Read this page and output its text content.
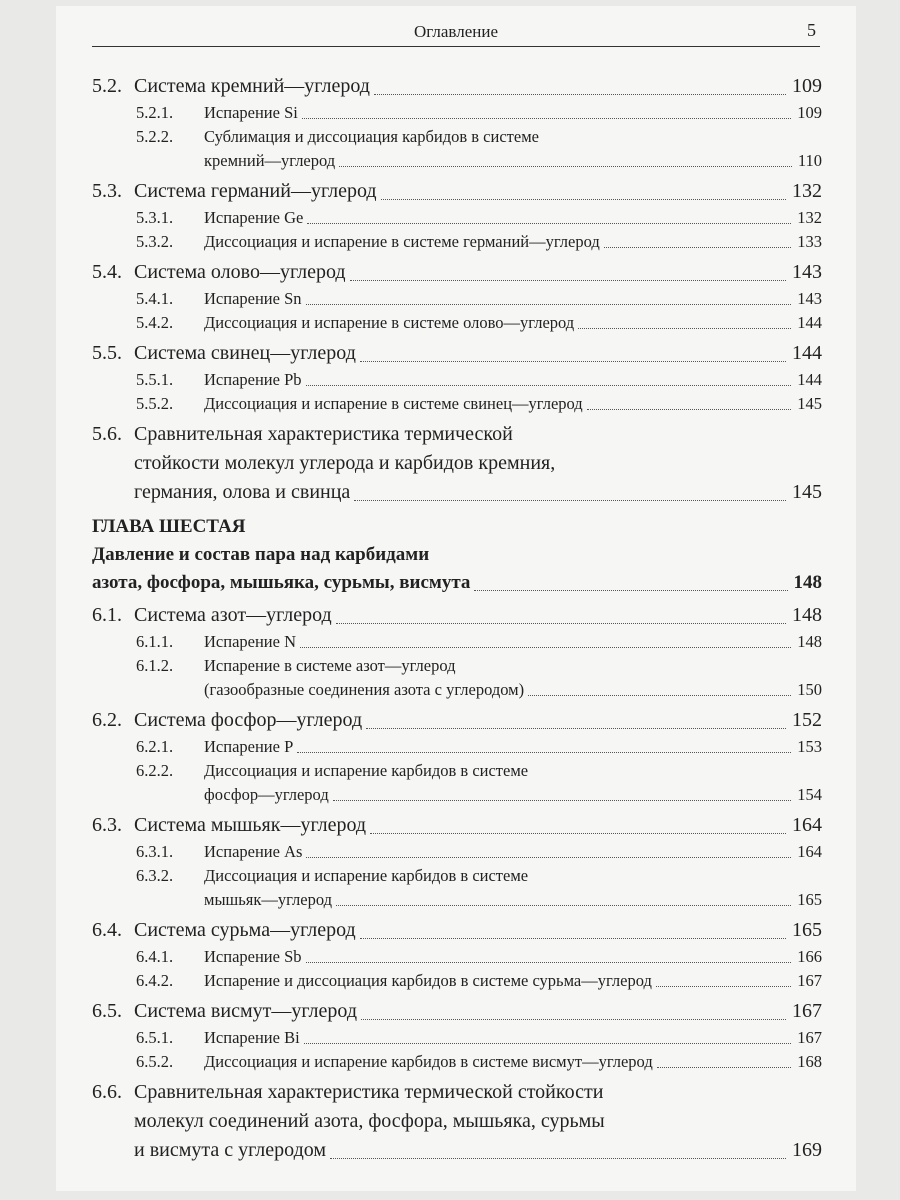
Оглавление	5
5.2. Система кремний—углерод	109
5.2.1. Испарение Si	109
5.2.2. Сублимация и диссоциация карбидов в системе
кремний—углерод	110
5.3. Система германий—углерод	132
5.3.1. Испарение Ge	132
5.3.2. Диссоциация и испарение в системе германий—углерод	133
5.4. Система олово—углерод	143
5.4.1. Испарение Sn	143
5.4.2. Диссоциация и испарение в системе олово—углерод	144
5.5. Система свинец—углерод	144
5.5.1. Испарение Pb	144
5.5.2. Диссоциация и испарение в системе свинец—углерод	145
5.6. Сравнительная характеристика термической
стойкости молекул углерода и карбидов кремния,
германия, олова и свинца	145
ГЛАВА ШЕСТАЯ
Давление и состав пара над карбидами
азота, фосфора, мышьяка, сурьмы, висмута	148
6.1. Система азот—углерод	148
6.1.1. Испарение N	148
6.1.2. Испарение в системе азот—углерод
(газообразные соединения азота с углеродом)	150
6.2. Система фосфор—углерод	152
6.2.1. Испарение P	153
6.2.2. Диссоциация и испарение карбидов в системе
фосфор—углерод	154
6.3. Система мышьяк—углерод	164
6.3.1. Испарение As	164
6.3.2. Диссоциация и испарение карбидов в системе
мышьяк—углерод	165
6.4. Система сурьма—углерод	165
6.4.1. Испарение Sb	166
6.4.2. Испарение и диссоциация карбидов в системе сурьма—углерод	167
6.5. Система висмут—углерод	167
6.5.1. Испарение Bi	167
6.5.2. Диссоциация и испарение карбидов в системе висмут—углерод	168
6.6. Сравнительная характеристика термической стойкости
молекул соединений азота, фосфора, мышьяка, сурьмы
и висмута с углеродом	169
